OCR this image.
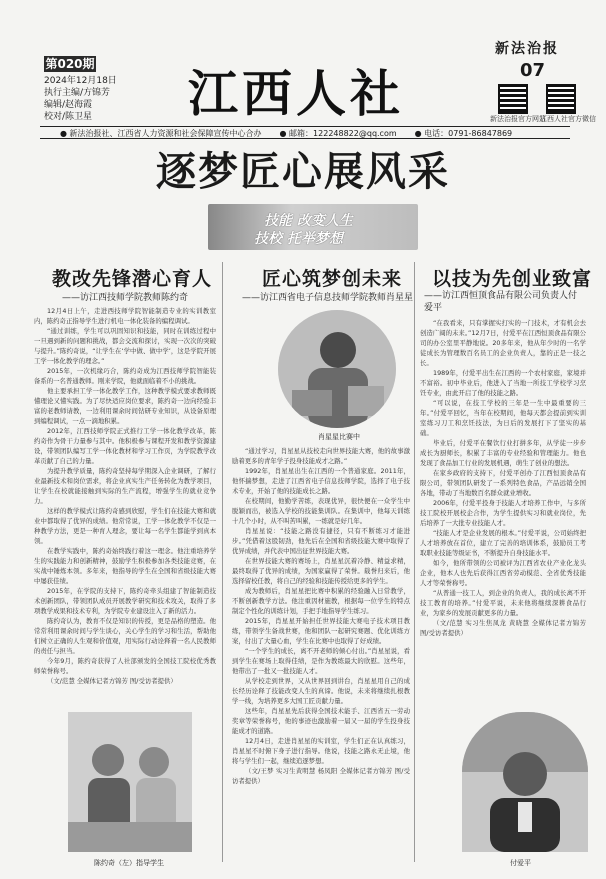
第020期
2024年12月18日
执行主编/方锦芳
编辑/赵海霞
校对/陈卫星 江西人社
新法治报
07
新法治报官方网站
江西人社官方微信
● 新法治报社、江西省人力资源和社会保障宣传中心合办 ● 邮箱：122248822@qq.com ● 电话：0791-86847869
逐梦匠心展风采
技能 改变人生
技校 托举梦想
教改先锋潜心育人
——访江西技师学院教师陈约奇

12月4日上午，走进西技师学院智能制造专业的实训教室内，陈约奇正指导学生进行机电一体化装备的编程调试。

“通过训练，学生可以巩固知识和技能，同时在训练过程中一旦遇到新的问题和挑战，都会交流和探讨，实现一次次的突破与提升。”陈约奇说，“让学生在‘学中做、做中学’，这是学院开展工学一体化教学的理念。”

2015年，一次机缘巧合，陈约奇成为江西技师学院智能装备系的一名普通教师。刚来学院，他就面临着不小的挑战。

他主要承担工学一体化教学工作，这种教学模式要求教师既懂理论又懂实践。为了尽快适应岗位要求，陈约奇一边向经验丰富的老教师请教，一边利用课余时间钻研专业知识，从设备原理到编程调试，一点一滴地积累。

2012年，江西技师学院正式推行工学一体化教学改革，陈约奇作为骨干力量参与其中。他积极参与课程开发和教学资源建设，带领团队编写工学一体化教材和学习工作页，为学院教学改革贡献了自己的力量。

为提升教学质量，陈约奇坚持每学期深入企业调研，了解行业最新技术和岗位需求，将企业真实生产任务转化为教学项目，让学生在校就能接触到实际的生产流程，增强学生的就业竞争力。

这样的教学模式让陈约奇感到欣慰，学生们在技能大赛和就业中都取得了优异的成绩。他常常说，工学一体化教学不仅是一种教学方法，更是一种育人理念，要让每一名学生都能学到真本领。

在教学实践中，陈约奇始终践行着这一理念。他注重培养学生的实践能力和创新精神，鼓励学生积极参加各类技能竞赛，在实战中锤炼本领。多年来，他指导的学生在全国和省级技能大赛中屡获佳绩。

2015年，在学院的支持下，陈约奇牵头组建了智能制造技术创新团队，带领团队成员开展教学研究和技术攻关，取得了多项教学成果和技术专利，为学院专业建设注入了新的活力。

陈约奇认为，教育不仅是知识的传授，更是品格的塑造。他常常利用课余时间与学生谈心，关心学生的学习和生活，帮助他们树立正确的人生观和价值观，用实际行动诠释着一名人民教师的责任与担当。

今年9月，陈约奇获得了人社部颁发的全国技工院校优秀教师荣誉称号。

（文/范慧 全媒体记者方锦芳 图/受访者提供）

陈约奇（左）指导学生
匠心筑梦创未来
——访江西省电子信息技师学院教师肖星星
肖星星比赛中

“通过学习，肖星星从技校走向世界技能大赛，他的故事激励着更多的青年学子投身技能成才之路。”

1992年，肖星星出生在江西的一个普通家庭。2011年，他怀揣梦想，走进了江西省电子信息技师学院，选择了电子技术专业，开始了他的技能成长之路。

在校期间，他勤学苦练，表现优异，很快便在一众学生中脱颖而出，被选入学校的技能集训队。在集训中，他每天训练十几个小时，从不叫苦叫累，一练就是好几年。

肖星星说：“技能之路没有捷径，只有不断练习才能进步。”凭借着这股韧劲，他先后在全国和省级技能大赛中取得了优异成绩，并代表中国出征世界技能大赛。

在世界技能大赛的赛场上，肖星星沉着冷静、精益求精，最终取得了优异的成绩，为国家赢得了荣誉。载誉归来后，他选择留校任教，将自己的经验和技能传授给更多的学生。

成为教师后，肖星星把比赛中积累的经验融入日常教学，不断创新教学方法。他注重因材施教，根据每一位学生的特点制定个性化的训练计划，手把手地指导学生练习。

2015年，肖星星开始担任世界技能大赛电子技术项目教练，带领学生备战世赛，他和团队一起研究赛题、优化训练方案，付出了大量心血，学生在比赛中也取得了好成绩。

“一个学生的成长，离不开老师的倾心付出。”肖星星说，看到学生在赛场上取得佳绩，是作为教练最大的欣慰。这些年，他带出了一批又一批技能人才。

从学校走到世界，又从世界回到讲台，肖星星用自己的成长经历诠释了技能改变人生的真谛。他说，未来将继续扎根教学一线，为培养更多大国工匠贡献力量。

这些年，肖星星先后获得全国技术能手、江西省五一劳动奖章等荣誉称号，他的事迹也激励着一届又一届的学生投身技能成才的道路。

12月4日，走进肖星星的实训室，学生们正在认真练习，肖星星不时俯下身子进行指导。他说，技能之路永无止境，他将与学生们一起，继续追逐梦想。

（文/王梦 实习生黄明慧 杨凤阳 全媒体记者方锦芳 图/受访者提供）

以技为先创业致富
——访江西恒顶食品有限公司负责人付爱平

“在我看来，只有掌握实打实的一门技术，才有机会去创造广阔的未来。”12月7日，付爱平在江西恒顶食品有限公司的办公室里平静地说。20多年来，他从年少时的一名学徒成长为管理数百名员工的企业负责人，靠的正是一技之长。

1989年，付爱平出生在江西的一个农村家庭，家境并不富裕。初中毕业后，他进入了当地一所技工学校学习烹饪专业，由此开启了他的技能之路。

“可以说，在技工学校的三年是一生中最重要的三年。”付爱平回忆，当年在校期间，他每天都会提前到实训室练习刀工和烹饪技法，为日后的发展打下了坚实的基础。

毕业后，付爱平在餐饮行业打拼多年，从学徒一步步成长为厨师长，积累了丰富的专业经验和管理能力。他也发现了食品加工行业的发展机遇，萌生了创业的想法。

在家乡政府的支持下，付爱平创办了江西恒顶食品有限公司，带领团队研发了一系列特色食品，产品远销全国各地，带动了当地数百名群众就业增收。

2006年，付爱平投身于技能人才培养工作中，与多所技工院校开展校企合作，为学生提供实习和就业岗位，先后培养了一大批专业技能人才。

“技能人才是企业发展的根本。”付爱平说，公司始终把人才培养放在首位，建立了完善的培训体系，鼓励员工考取职业技能等级证书，不断提升自身技能水平。

如今，他所带领的公司被评为江西省农业产业化龙头企业，他本人也先后获得江西省劳动模范、全省优秀技能人才等荣誉称号。

“从普通一技工人，到企业的负责人，我的成长离不开技工教育的培养。”付爱平说，未来他将继续深耕食品行业，为家乡的发展贡献更多的力量。

（文/范慧 实习生焦凤龙 黄晓慧 全媒体记者方锦芳 图/受访者提供）

付爱平
